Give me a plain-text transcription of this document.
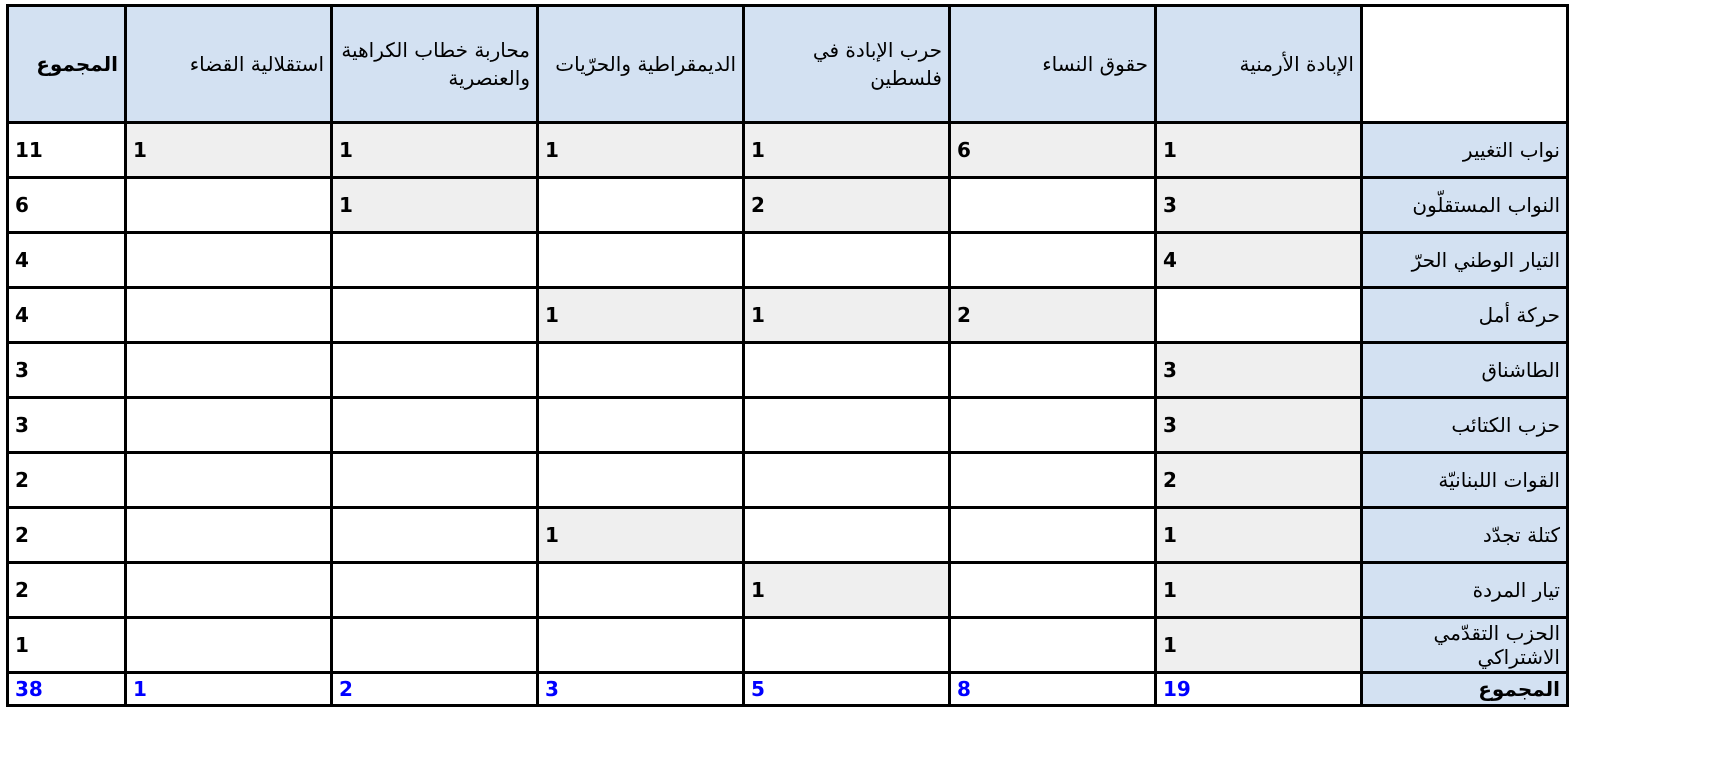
	الإبادة الأرمنية	حقوق النساء	حرب الإبادة في فلسطين	الديمقراطية والحرّيات	محاربة خطاب الكراهية والعنصرية	استقلالية القضاء	المجموع
نواب التغيير	1	6	1	1	1	1	11
النواب المستقلّون	3		2		1		6
التيار الوطني الحرّ	4						4
حركة أمل		2	1	1			4
الطاشناق	3						3
حزب الكتائب	3						3
القوات اللبنانيّة	2						2
كتلة تجدّد	1			1			2
تيار المردة	1		1				2
الحزب التقدّمي الاشتراكي	1						1
المجموع	19	8	5	3	2	1	38
